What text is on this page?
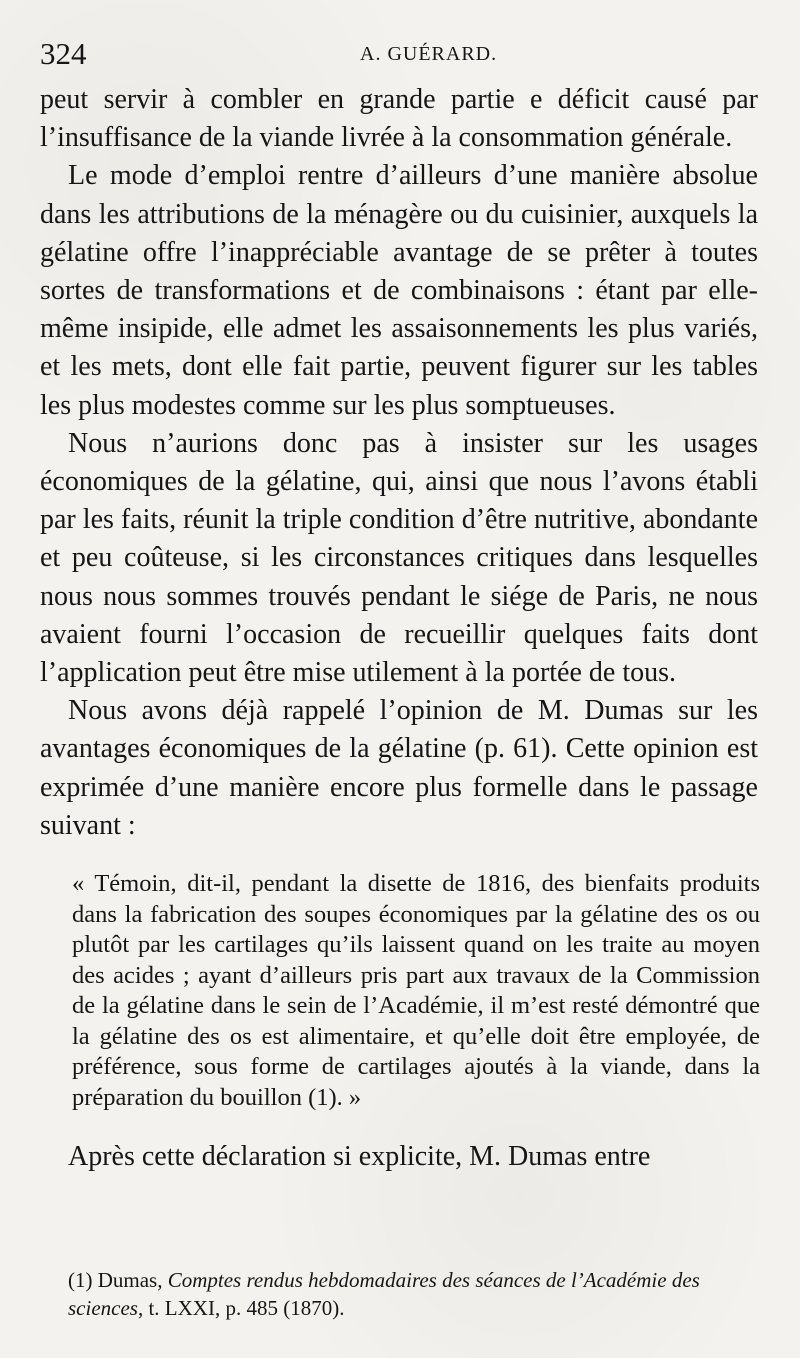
324	A. GUÉRARD.

peut servir à combler en grande partie e déficit causé par l’insuffisance de la viande livrée à la consommation générale.

Le mode d’emploi rentre d’ailleurs d’une manière absolue dans les attributions de la ménagère ou du cuisinier, auxquels la gélatine offre l’inappréciable avantage de se prêter à toutes sortes de transformations et de combinaisons : étant par elle-même insipide, elle admet les assaisonnements les plus variés, et les mets, dont elle fait partie, peuvent figurer sur les tables les plus modestes comme sur les plus somptueuses.

Nous n’aurions donc pas à insister sur les usages économiques de la gélatine, qui, ainsi que nous l’avons établi par les faits, réunit la triple condition d’être nutritive, abondante et peu coûteuse, si les circonstances critiques dans lesquelles nous nous sommes trouvés pendant le siége de Paris, ne nous avaient fourni l’occasion de recueillir quelques faits dont l’application peut être mise utilement à la portée de tous.

Nous avons déjà rappelé l’opinion de M. Dumas sur les avantages économiques de la gélatine (p. 61). Cette opinion est exprimée d’une manière encore plus formelle dans le passage suivant :

« Témoin, dit-il, pendant la disette de 1816, des bienfaits produits dans la fabrication des soupes économiques par la gélatine des os ou plutôt par les cartilages qu’ils laissent quand on les traite au moyen des acides ; ayant d’ailleurs pris part aux travaux de la Commission de la gélatine dans le sein de l’Académie, il m’est resté démontré que la gélatine des os est alimentaire, et qu’elle doit être employée, de préférence, sous forme de cartilages ajoutés à la viande, dans la préparation du bouillon (1). »

Après cette déclaration si explicite, M. Dumas entre

(1) Dumas, Comptes rendus hebdomadaires des séances de l’Académie des sciences, t. LXXI, p. 485 (1870).
